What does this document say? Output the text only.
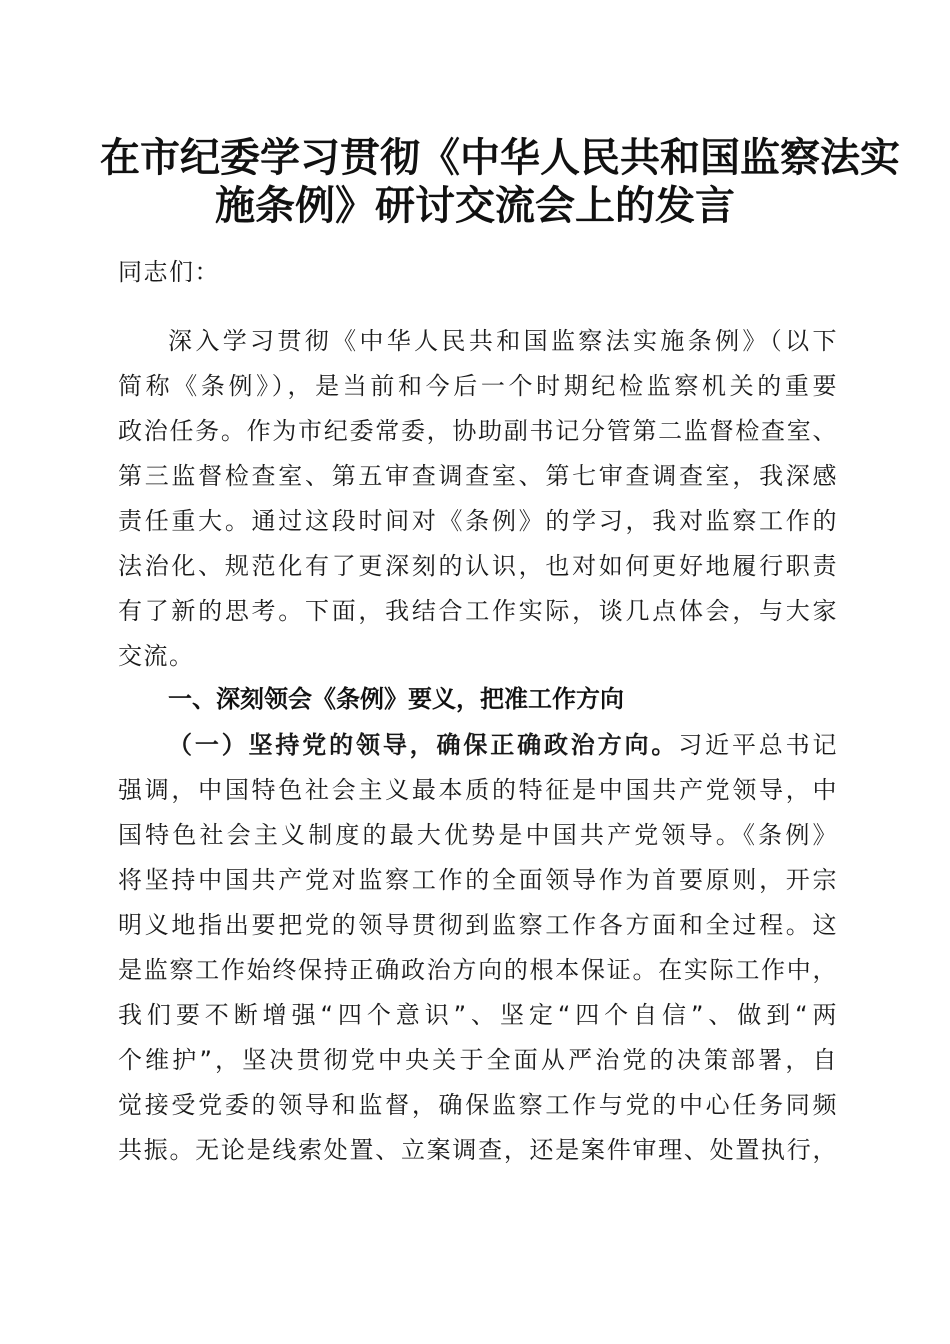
在市纪委学习贯彻《中华人民共和国监察法实
施条例》研讨交流会上的发言
同志们：
深入学习贯彻《中华人民共和国监察法实施条例》（以下
简称《条例》），是当前和今后一个时期纪检监察机关的重要
政治任务。作为市纪委常委，协助副书记分管第二监督检查室、
第三监督检查室、第五审查调查室、第七审查调查室，我深感
责任重大。通过这段时间对《条例》的学习，我对监察工作的
法治化、规范化有了更深刻的认识，也对如何更好地履行职责
有了新的思考。下面，我结合工作实际，谈几点体会，与大家
交流。
一、深刻领会《条例》要义，把准工作方向
（一）坚持党的领导，确保正确政治方向。习近平总书记
强调，中国特色社会主义最本质的特征是中国共产党领导，中
国特色社会主义制度的最大优势是中国共产党领导。《条例》
将坚持中国共产党对监察工作的全面领导作为首要原则，开宗
明义地指出要把党的领导贯彻到监察工作各方面和全过程。这
是监察工作始终保持正确政治方向的根本保证。在实际工作中，
我们要不断增强“四个意识”、坚定“四个自信”、做到“两
个维护”，坚决贯彻党中央关于全面从严治党的决策部署，自
觉接受党委的领导和监督，确保监察工作与党的中心任务同频
共振。无论是线索处置、立案调查，还是案件审理、处置执行，
